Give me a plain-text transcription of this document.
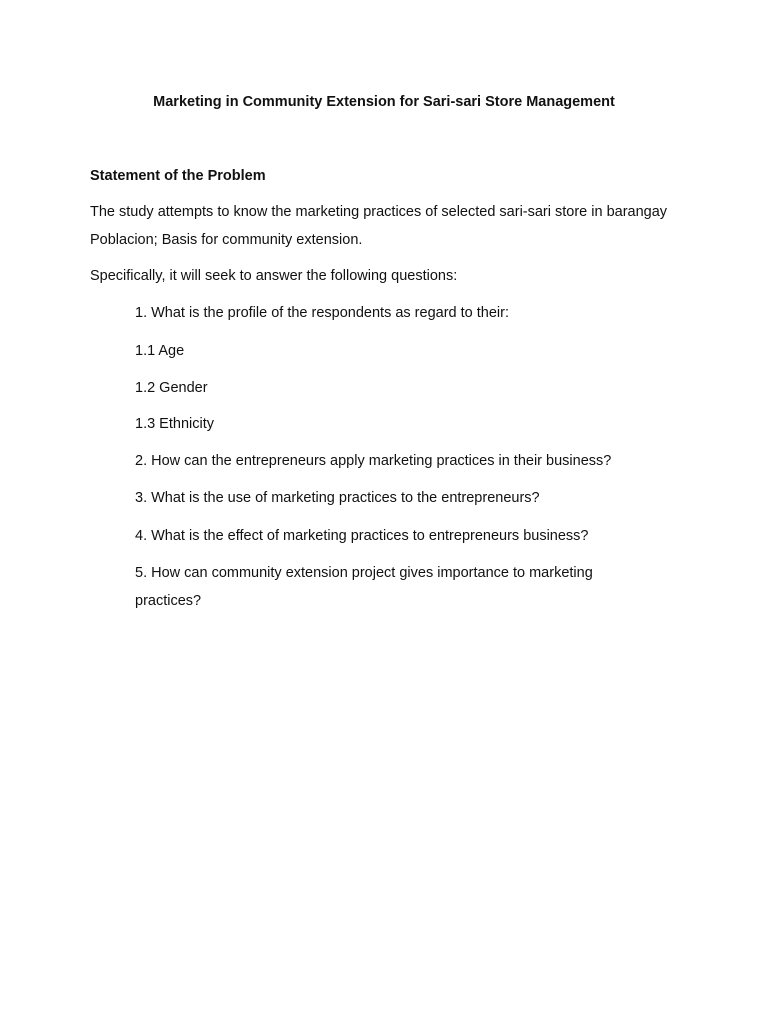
Marketing in Community Extension for Sari-sari Store Management
Statement of the Problem

The study attempts to know the marketing practices of selected sari-sari store in barangay Poblacion; Basis for community extension.

Specifically, it will seek to answer the following questions:

1. What is the profile of the respondents as regard to their:

1.1 Age

1.2 Gender

1.3 Ethnicity

2. How can the entrepreneurs apply marketing practices in their business?

3. What is the use of marketing practices to the entrepreneurs?

4. What is the effect of marketing practices to entrepreneurs business?

5. How can community extension project gives importance to marketing practices?
